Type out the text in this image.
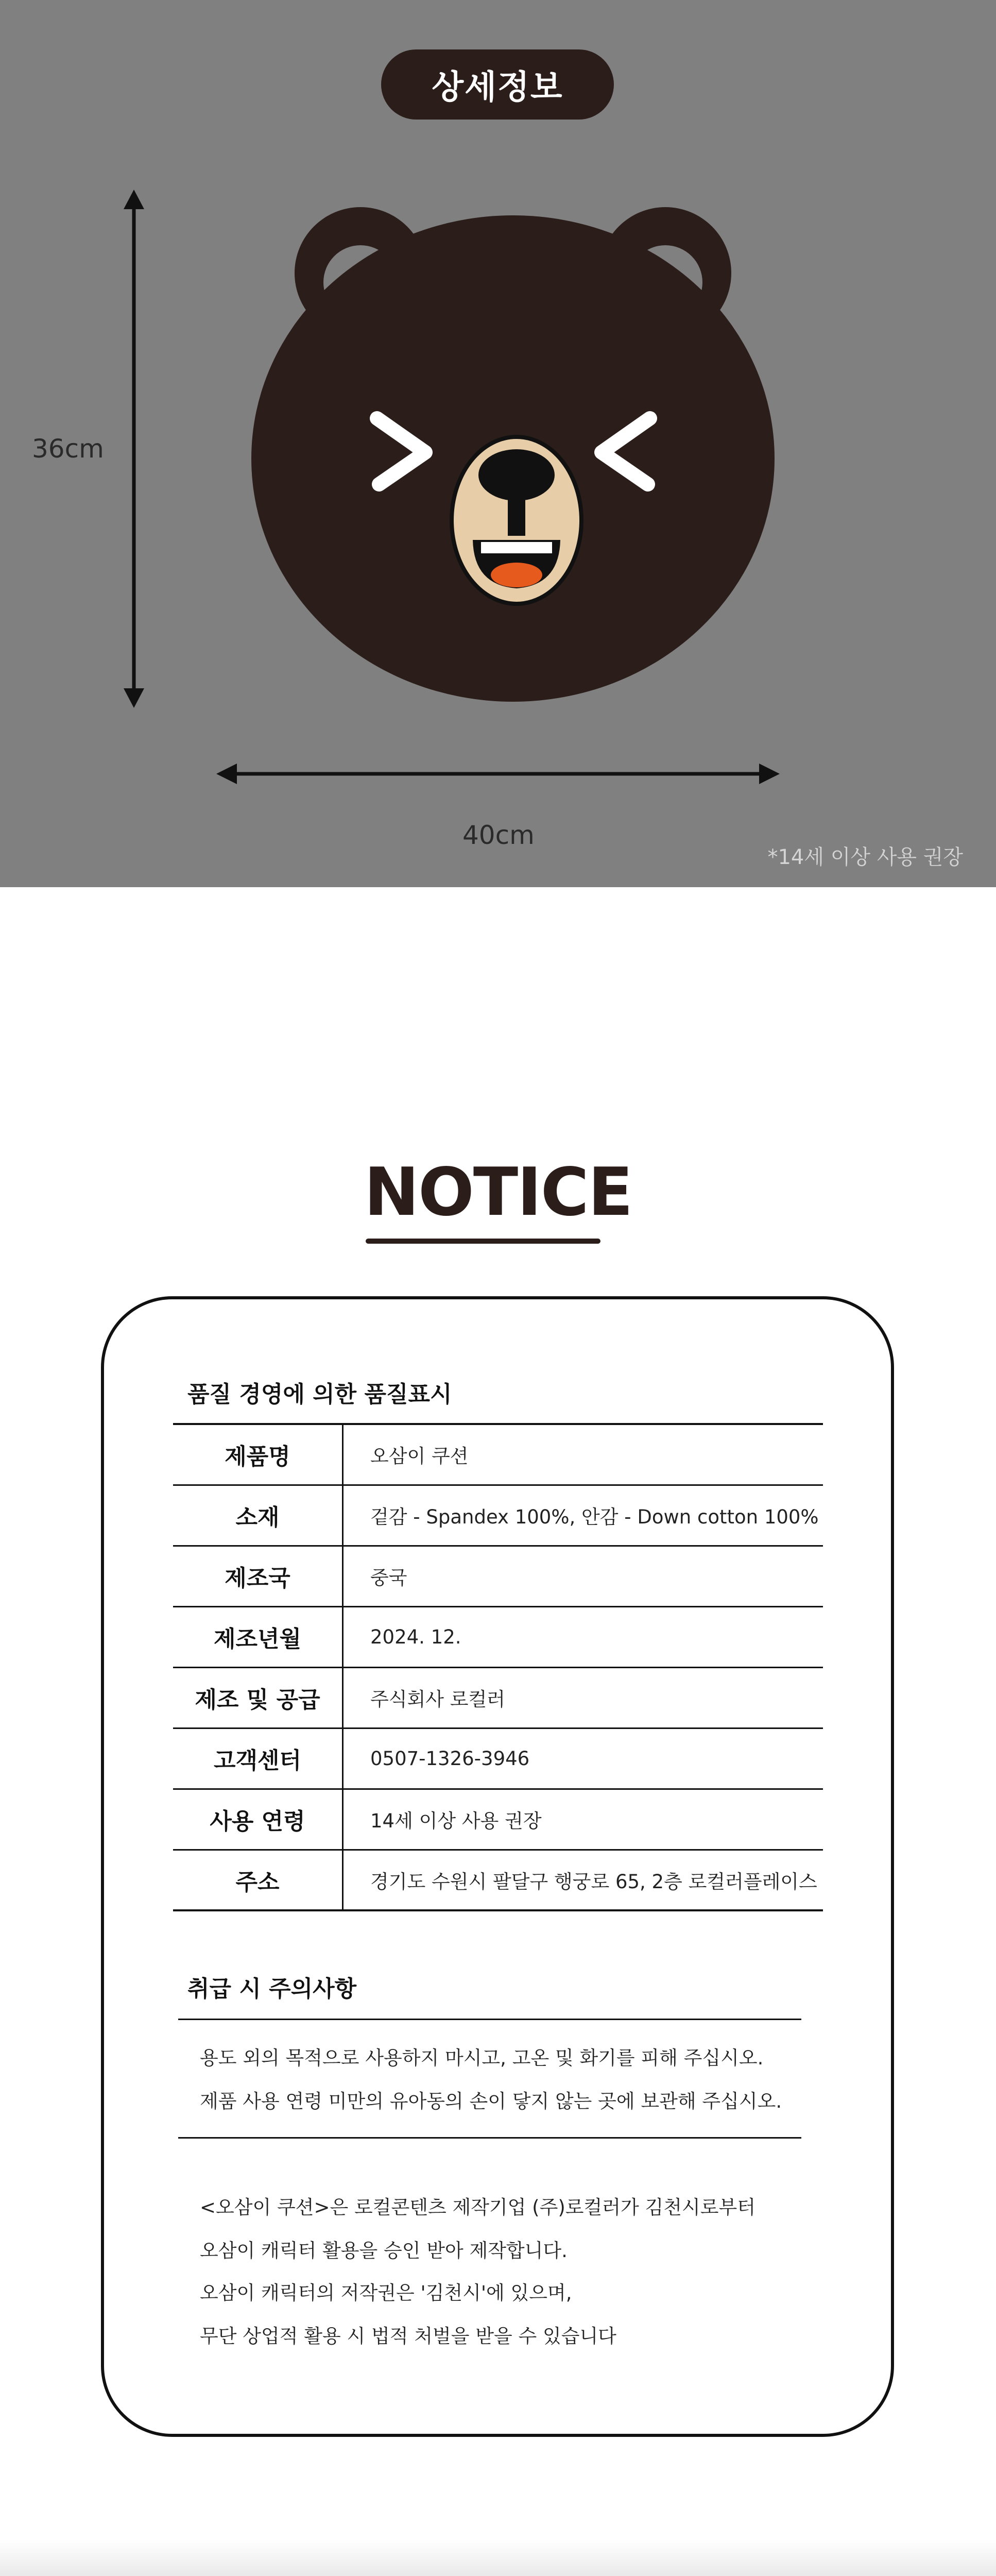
상세정보
36cm
40cm
*14세 이상 사용 권장
NOTICE
품질 경영에 의한 품질표시
제품명	오삼이 쿠션
소재	겉감 - Spandex 100%, 안감 - Down cotton 100%
제조국	중국
제조년월	2024. 12.
제조 및 공급	주식회사 로컬러
고객센터	0507-1326-3946
사용 연령	14세 이상 사용 권장
주소	경기도 수원시 팔달구 행궁로 65, 2층 로컬러플레이스
취급 시 주의사항
용도 외의 목적으로 사용하지 마시고, 고온 및 화기를 피해 주십시오.
제품 사용 연령 미만의 유아동의 손이 닿지 않는 곳에 보관해 주십시오.
<오삼이 쿠션>은 로컬콘텐츠 제작기업 (주)로컬러가 김천시로부터
오삼이 캐릭터 활용을 승인 받아 제작합니다.
오삼이 캐릭터의 저작권은 '김천시'에 있으며,
무단 상업적 활용 시 법적 처벌을 받을 수 있습니다
